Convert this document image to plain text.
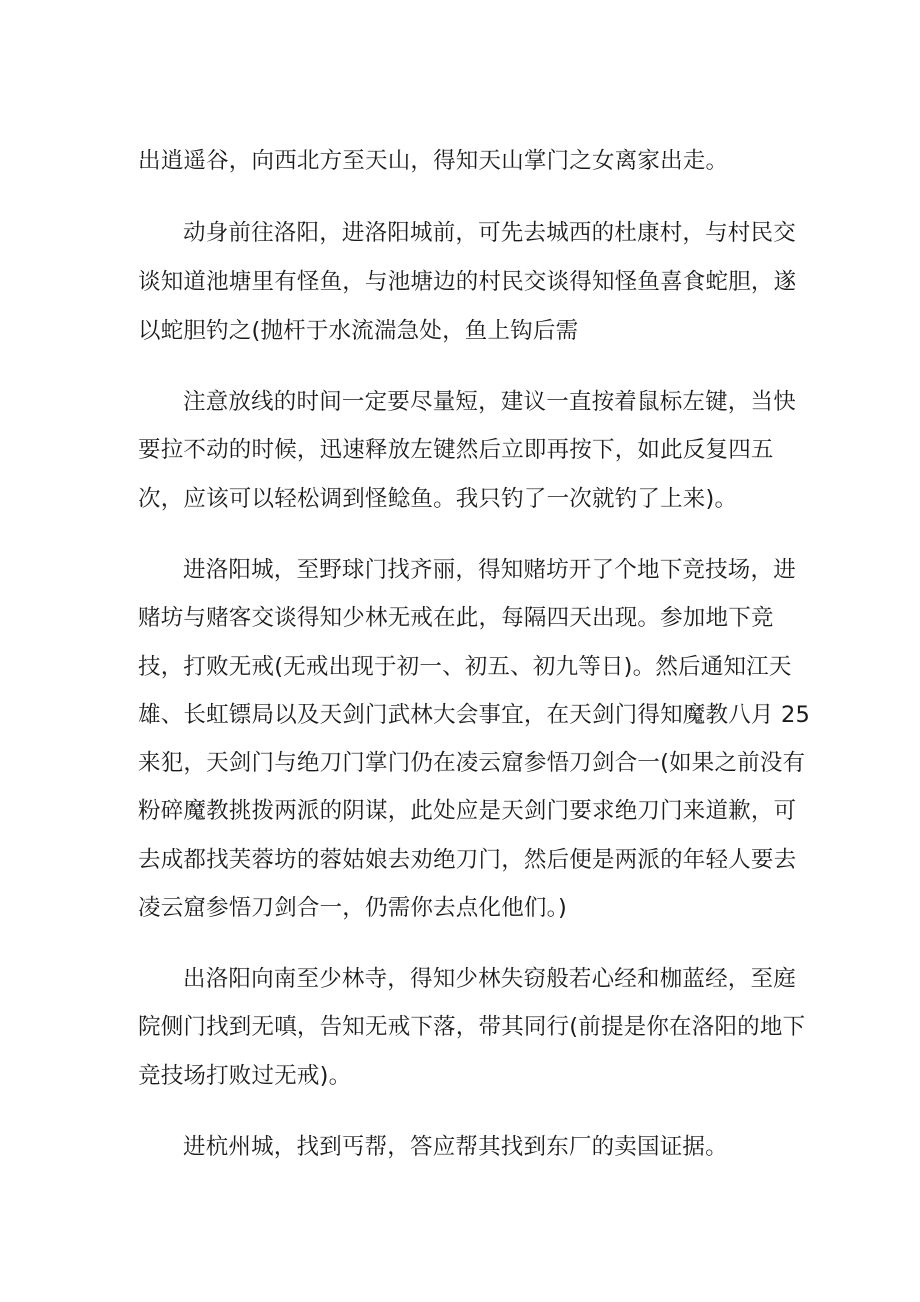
出逍遥谷，向西北方至天山，得知天山掌门之女离家出走。
动身前往洛阳，进洛阳城前，可先去城西的杜康村，与村民交
谈知道池塘里有怪鱼，与池塘边的村民交谈得知怪鱼喜食蛇胆，遂
以蛇胆钓之(抛杆于水流湍急处，鱼上钩后需
注意放线的时间一定要尽量短，建议一直按着鼠标左键，当快
要拉不动的时候，迅速释放左键然后立即再按下，如此反复四五
次，应该可以轻松调到怪鲶鱼。我只钓了一次就钓了上来)。
进洛阳城，至野球门找齐丽，得知赌坊开了个地下竞技场，进
赌坊与赌客交谈得知少林无戒在此，每隔四天出现。参加地下竞
技，打败无戒(无戒出现于初一、初五、初九等日)。然后通知江天
雄、长虹镖局以及天剑门武林大会事宜，在天剑门得知魔教八月 25
来犯，天剑门与绝刀门掌门仍在凌云窟参悟刀剑合一(如果之前没有
粉碎魔教挑拨两派的阴谋，此处应是天剑门要求绝刀门来道歉，可
去成都找芙蓉坊的蓉姑娘去劝绝刀门，然后便是两派的年轻人要去
凌云窟参悟刀剑合一，仍需你去点化他们。)
出洛阳向南至少林寺，得知少林失窃般若心经和枷蓝经，至庭
院侧门找到无嗔，告知无戒下落，带其同行(前提是你在洛阳的地下
竞技场打败过无戒)。
进杭州城，找到丐帮，答应帮其找到东厂的卖国证据。
